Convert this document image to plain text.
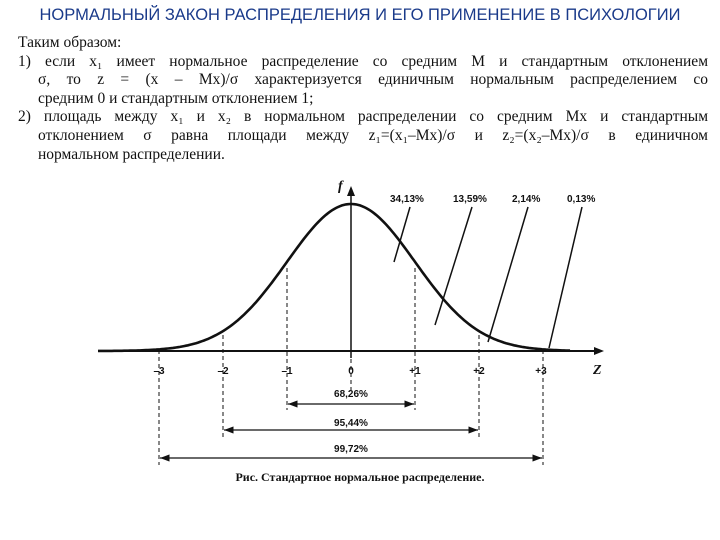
НОРМАЛЬНЫЙ ЗАКОН РАСПРЕДЕЛЕНИЯ И ЕГО ПРИМЕНЕНИЕ В ПСИХОЛОГИИ
Таким образом:
1) если x₁ имеет нормальное распределение со средним M и стандартным отклонением
σ, то z = (x – Mx)/σ характеризуется единичным нормальным распределением со
средним 0 и стандартным отклонением 1;
2) площадь между x₁ и x₂ в нормальном распределении со средним Mx и стандартным
отклонением σ равна площади между z₁=(x₁–Mx)/σ и z₂=(x₂–Mx)/σ в единичном
нормальном распределении.
f
Z
–3	–2	–1	0	+1	+2	+3
34,13%	13,59%	2,14%	0,13%
68,26%
95,44%
99,72%
Рис. Стандартное нормальное распределение.
